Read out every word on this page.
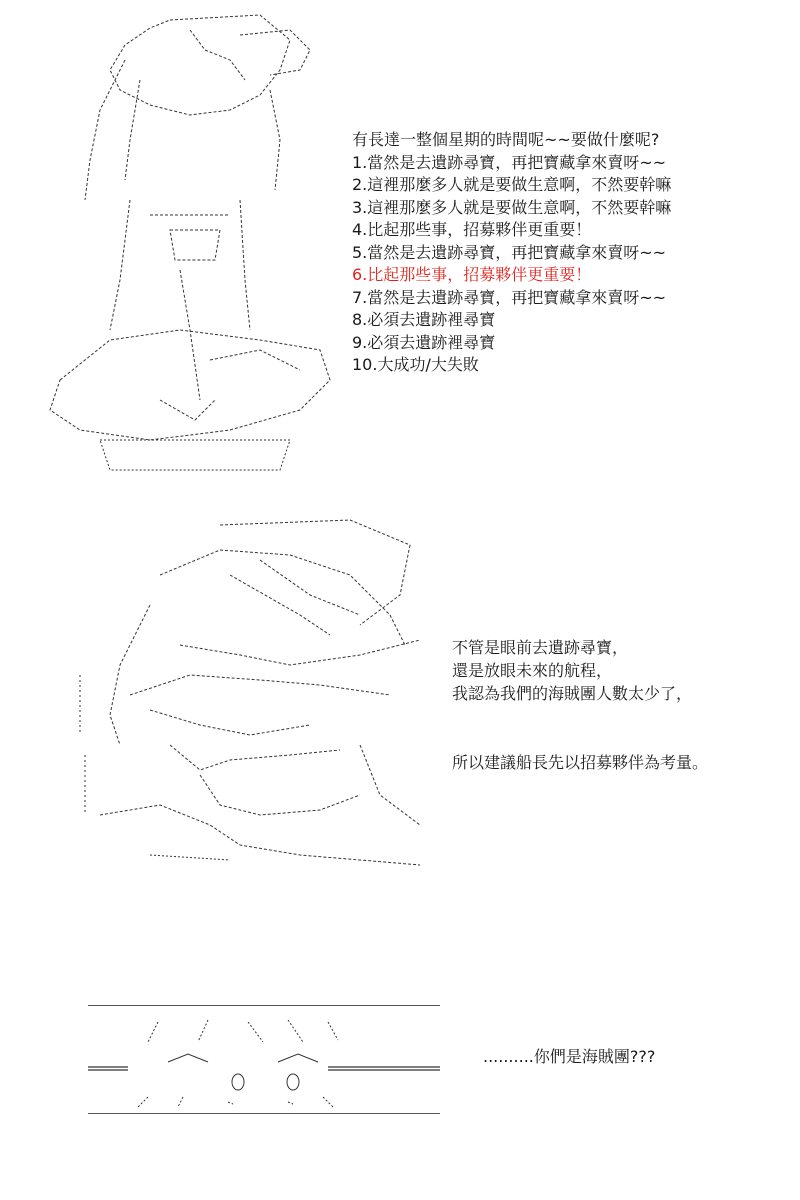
有長達一整個星期的時間呢~~要做什麼呢?
1.當然是去遺跡尋寶，再把寶藏拿來賣呀~~
2.這裡那麼多人就是要做生意啊，不然要幹嘛
3.這裡那麼多人就是要做生意啊，不然要幹嘛
4.比起那些事，招募夥伴更重要！
5.當然是去遺跡尋寶，再把寶藏拿來賣呀~~
6.比起那些事，招募夥伴更重要！
7.當然是去遺跡尋寶，再把寶藏拿來賣呀~~
8.必須去遺跡裡尋寶
9.必須去遺跡裡尋寶
10.大成功/大失敗
不管是眼前去遺跡尋寶，
還是放眼未來的航程，
我認為我們的海賊團人數太少了，
所以建議船長先以招募夥伴為考量。
..........你們是海賊團???
